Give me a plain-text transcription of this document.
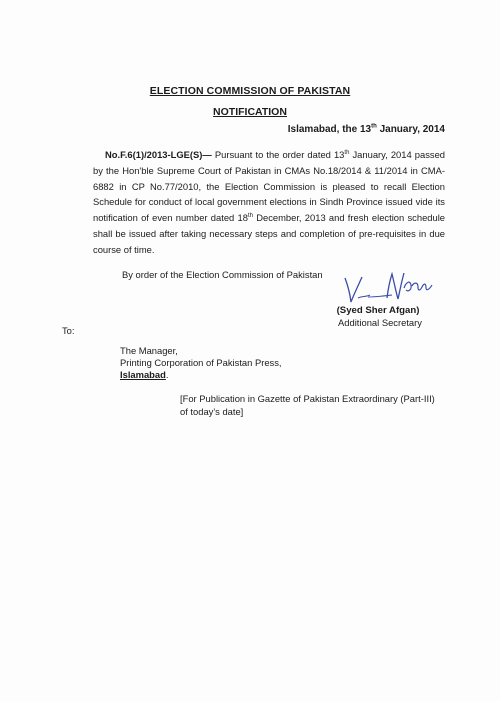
ELECTION COMMISSION OF PAKISTAN
NOTIFICATION
Islamabad, the 13th January, 2014
No.F.6(1)/2013-LGE(S)— Pursuant to the order dated 13th January, 2014 passed by the Hon'ble Supreme Court of Pakistan in CMAs No.18/2014 & 11/2014 in CMA-6882 in CP No.77/2010, the Election Commission is pleased to recall Election Schedule for conduct of local government elections in Sindh Province issued vide its notification of even number dated 18th December, 2013 and fresh election schedule shall be issued after taking necessary steps and completion of pre-requisites in due course of time.
By order of the Election Commission of Pakistan
(Syed Sher Afgan)
Additional Secretary
To:
The Manager,
Printing Corporation of Pakistan Press,
Islamabad.
[For Publication in Gazette of Pakistan Extraordinary (Part-III) of today's date]
